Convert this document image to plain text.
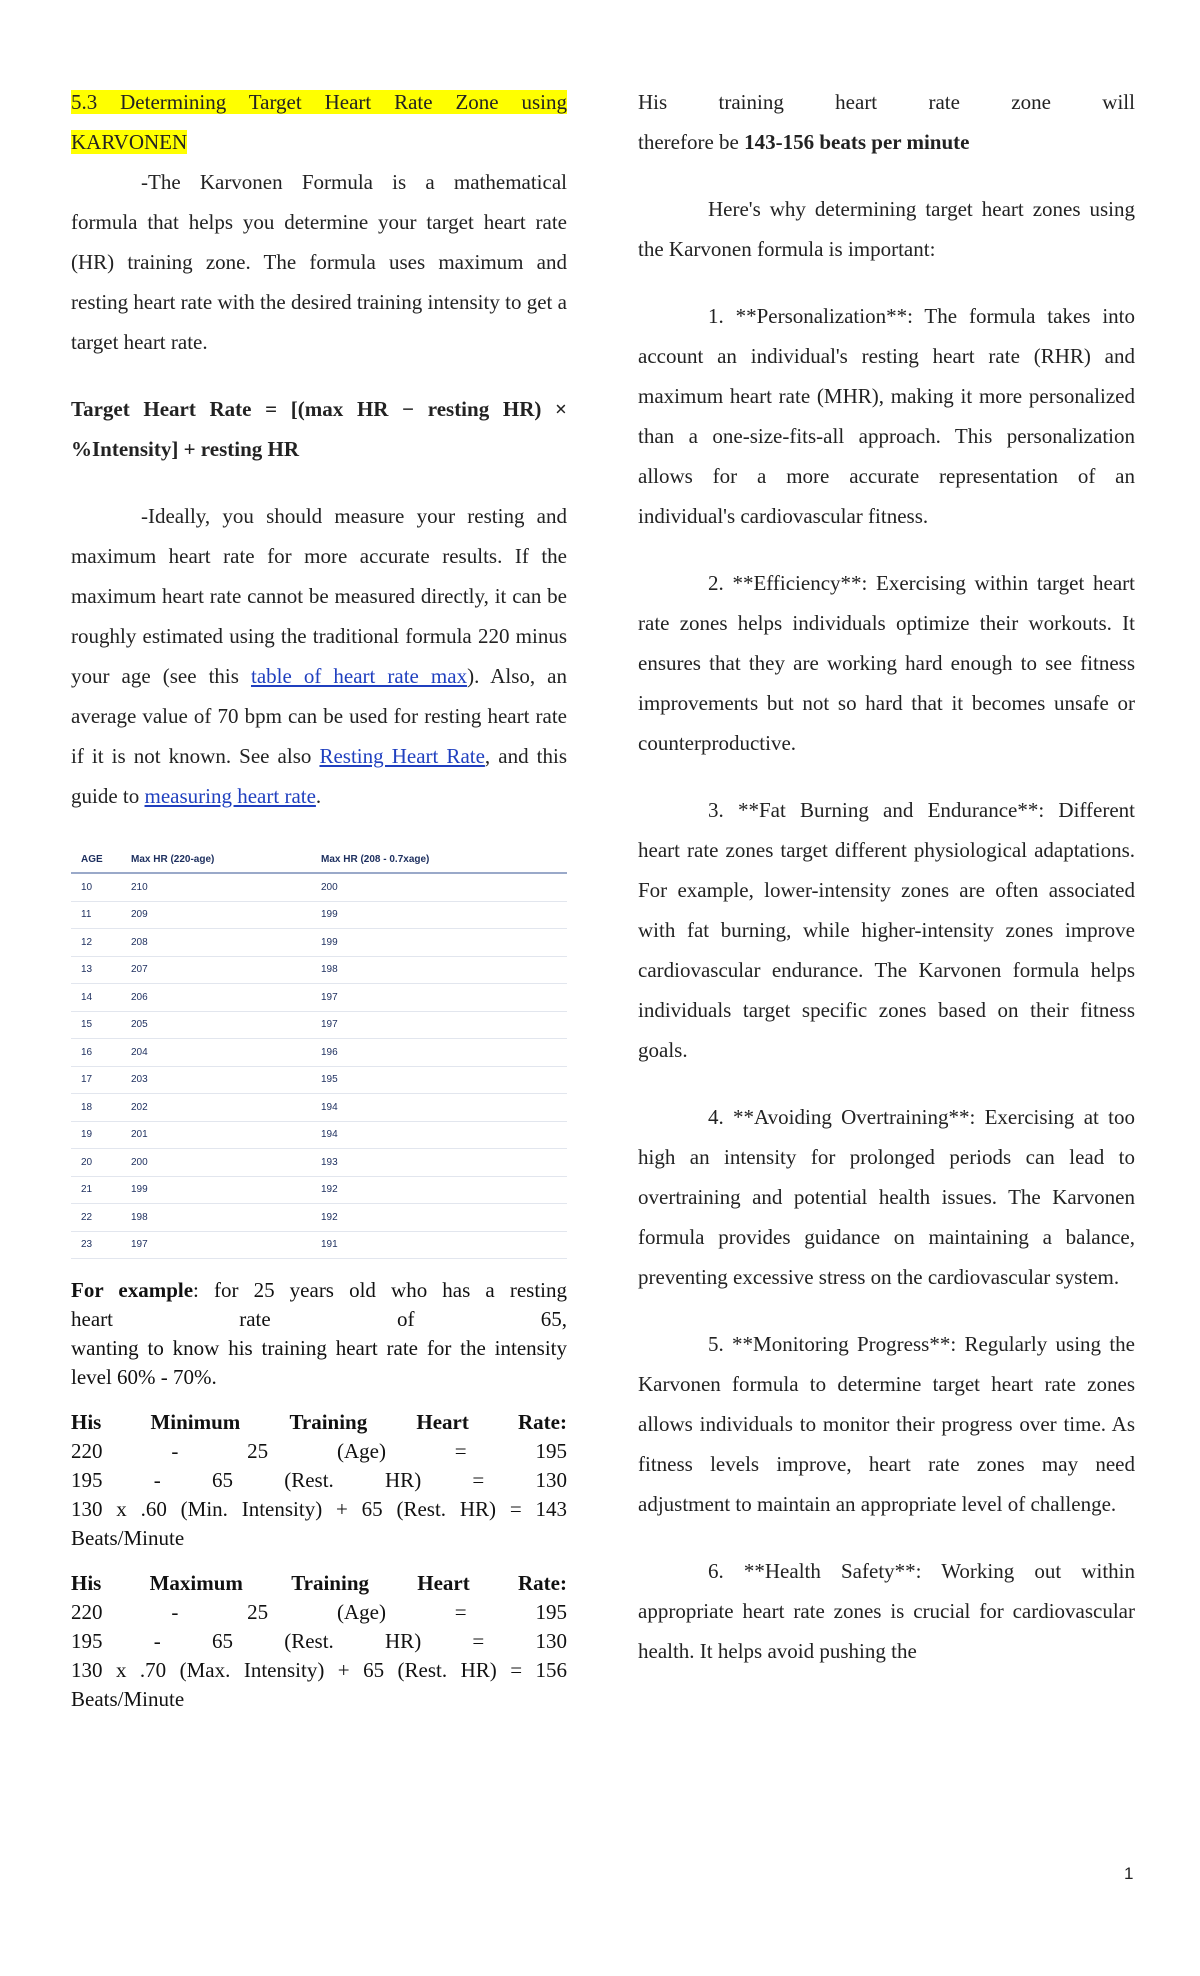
5.3 Determining Target Heart Rate Zone using

KARVONEN

-The Karvonen Formula is a mathematical formula that helps you determine your target heart rate (HR) training zone. The formula uses maximum and resting heart rate with the desired training intensity to get a target heart rate.

Target Heart Rate = [(max HR − resting HR) × %Intensity] + resting HR

-Ideally, you should measure your resting and maximum heart rate for more accurate results. If the maximum heart rate cannot be measured directly, it can be roughly estimated using the traditional formula 220 minus your age (see this table of heart rate max). Also, an average value of 70 bpm can be used for resting heart rate if it is not known. See also Resting Heart Rate, and this guide to measuring heart rate.

AGE	Max HR (220-age)	Max HR (208 - 0.7xage)
10	210	200
11	209	199
12	208	199
13	207	198
14	206	197
15	205	197
16	204	196
17	203	195
18	202	194
19	201	194
20	200	193
21	199	192
22	198	192
23	197	191

For example: for 25 years old who has a resting

heart	rate	of	65,

wanting to know his training heart rate for the intensity level 60% - 70%.

His Minimum Training Heart Rate:
220	-	25	(Age)	=	195
195 - 65 (Rest. HR) = 130

130 x .60 (Min. Intensity) + 65 (Rest. HR) = 143

Beats/Minute

His Maximum Training Heart Rate:
220	-	25	(Age)	=	195
195 - 65 (Rest. HR) = 130

130 x .70 (Max. Intensity) + 65 (Rest. HR) = 156

Beats/Minute

His training heart rate zone will

therefore be 143-156 beats per minute

Here's why determining target heart zones using the Karvonen formula is important:

1. **Personalization**: The formula takes into account an individual's resting heart rate (RHR) and maximum heart rate (MHR), making it more personalized than a one-size-fits-all approach. This personalization allows for a more accurate representation of an individual's cardiovascular fitness.

2. **Efficiency**: Exercising within target heart rate zones helps individuals optimize their workouts. It ensures that they are working hard enough to see fitness improvements but not so hard that it becomes unsafe or counterproductive.

3. **Fat Burning and Endurance**: Different heart rate zones target different physiological adaptations. For example, lower-intensity zones are often associated with fat burning, while higher-intensity zones improve cardiovascular endurance. The Karvonen formula helps individuals target specific zones based on their fitness goals.

4. **Avoiding Overtraining**: Exercising at too high an intensity for prolonged periods can lead to overtraining and potential health issues. The Karvonen formula provides guidance on maintaining a balance, preventing excessive stress on the cardiovascular system.

5. **Monitoring Progress**: Regularly using the Karvonen formula to determine target heart rate zones allows individuals to monitor their progress over time. As fitness levels improve, heart rate zones may need adjustment to maintain an appropriate level of challenge.

6. **Health Safety**: Working out within appropriate heart rate zones is crucial for cardiovascular health. It helps avoid pushing the

1
